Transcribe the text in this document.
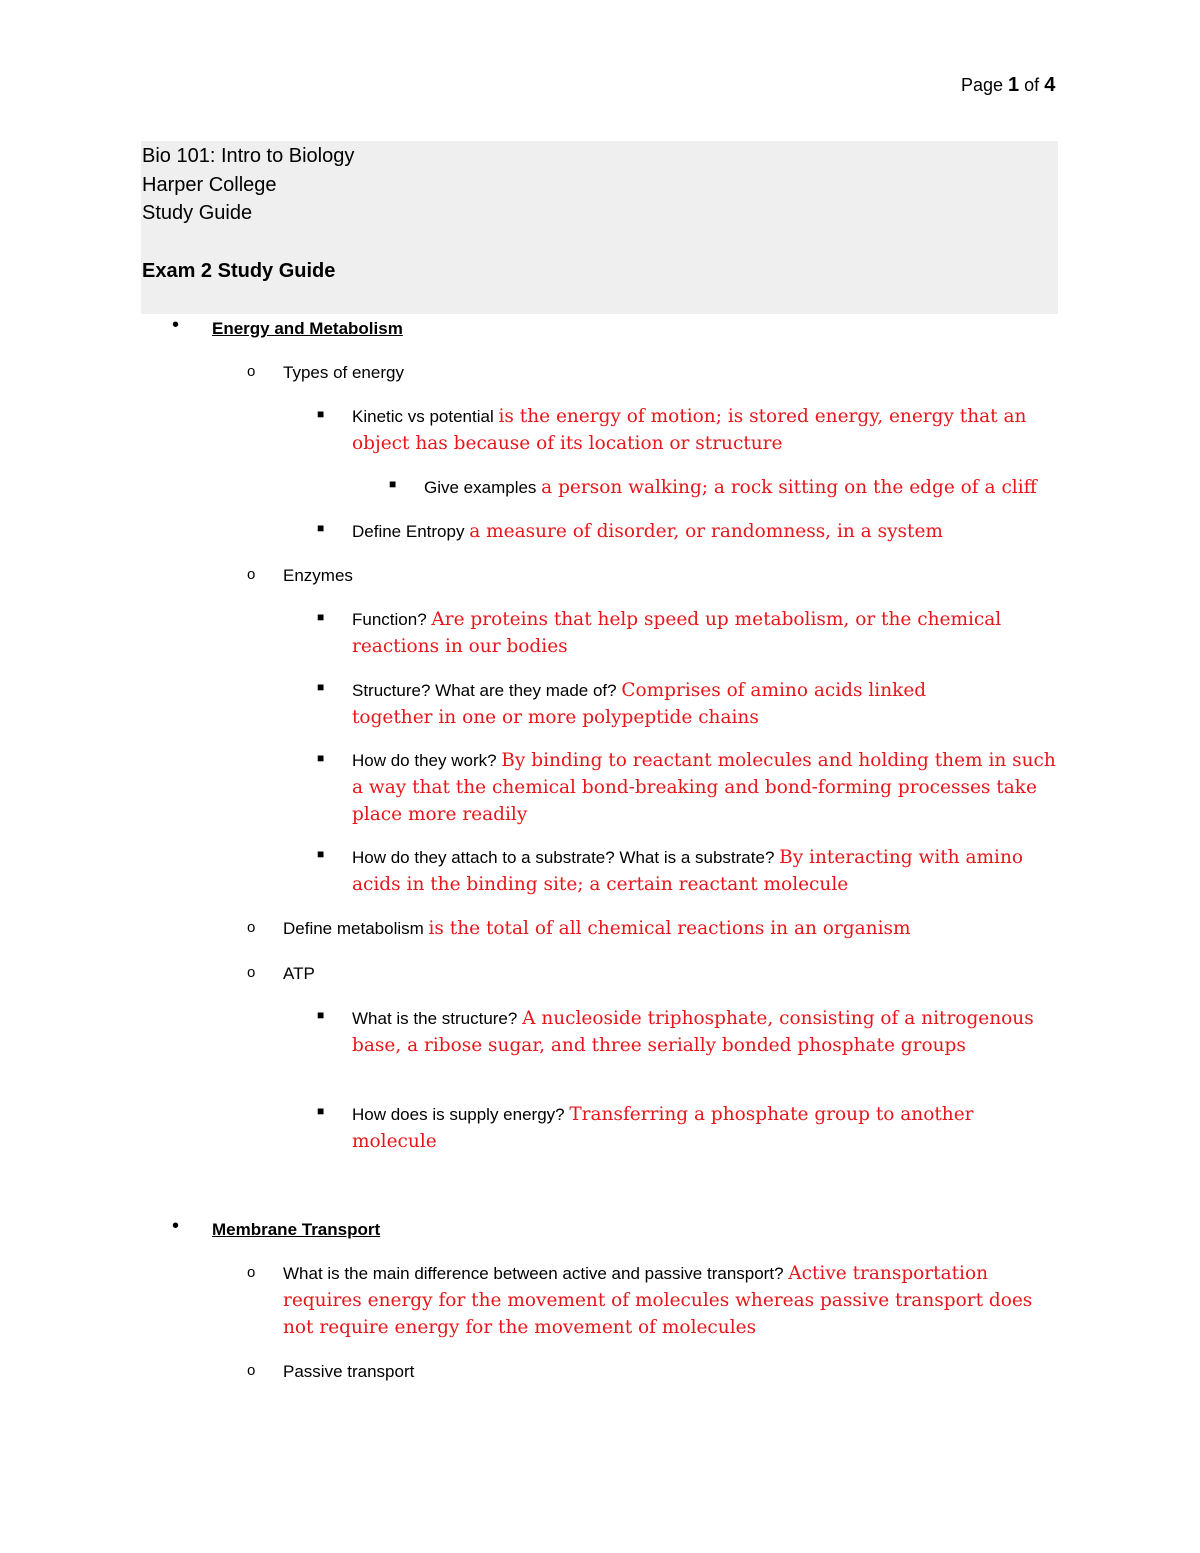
Page 1 of 4
Bio 101: Intro to Biology
Harper College
Study Guide
Exam 2 Study Guide
• Energy and Metabolism
o Types of energy
■ Kinetic vs potential is the energy of motion; is stored energy, energy that an object has because of its location or structure
■ Give examples a person walking; a rock sitting on the edge of a cliff
■ Define Entropy a measure of disorder, or randomness, in a system
o Enzymes
■ Function? Are proteins that help speed up metabolism, or the chemical reactions in our bodies
■ Structure? What are they made of? Comprises of amino acids linked together in one or more polypeptide chains
■ How do they work? By binding to reactant molecules and holding them in such a way that the chemical bond-breaking and bond-forming processes take place more readily
■ How do they attach to a substrate? What is a substrate? By interacting with amino acids in the binding site; a certain reactant molecule
o Define metabolism is the total of all chemical reactions in an organism
o ATP
■ What is the structure? A nucleoside triphosphate, consisting of a nitrogenous base, a ribose sugar, and three serially bonded phosphate groups
■ How does is supply energy? Transferring a phosphate group to another molecule
• Membrane Transport
o What is the main difference between active and passive transport? Active transportation requires energy for the movement of molecules whereas passive transport does not require energy for the movement of molecules
o Passive transport
